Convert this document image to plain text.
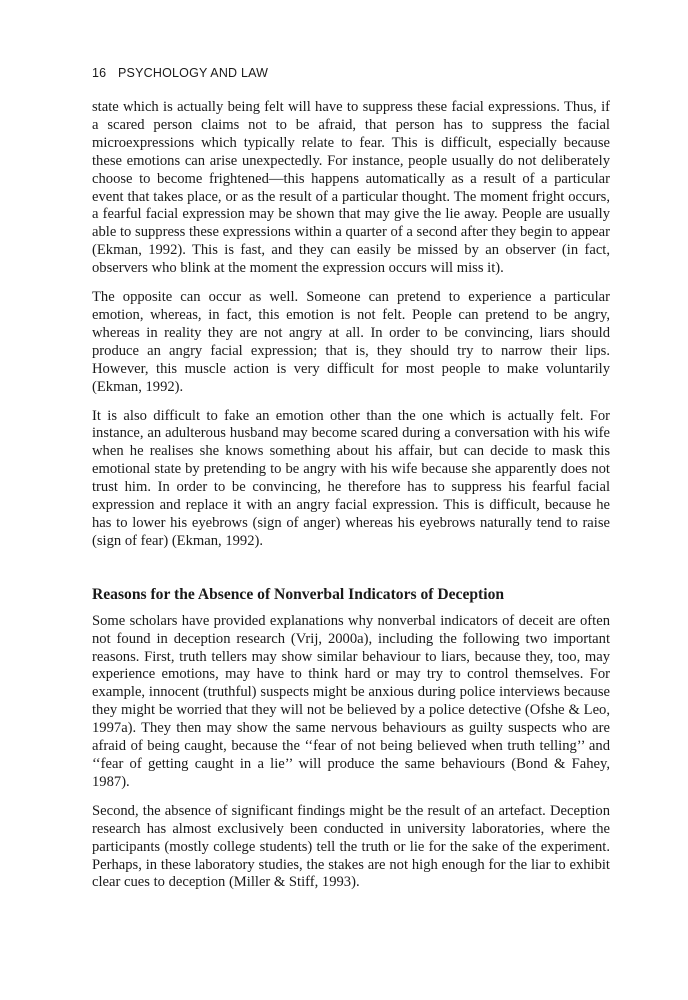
16 PSYCHOLOGY AND LAW

state which is actually being felt will have to suppress these facial expressions. Thus, if a scared person claims not to be afraid, that person has to suppress the facial microexpressions which typically relate to fear. This is difficult, especially because these emotions can arise unexpectedly. For instance, people usually do not deliberately choose to become frightened—this happens automatically as a result of a particular event that takes place, or as the result of a particular thought. The moment fright occurs, a fearful facial expression may be shown that may give the lie away. People are usually able to suppress these expressions within a quarter of a second after they begin to appear (Ekman, 1992). This is fast, and they can easily be missed by an observer (in fact, observers who blink at the moment the expression occurs will miss it).

The opposite can occur as well. Someone can pretend to experience a particular emotion, whereas, in fact, this emotion is not felt. People can pretend to be angry, whereas in reality they are not angry at all. In order to be convincing, liars should produce an angry facial expression; that is, they should try to narrow their lips. However, this muscle action is very difficult for most people to make voluntarily (Ekman, 1992).

It is also difficult to fake an emotion other than the one which is actually felt. For instance, an adulterous husband may become scared during a conversation with his wife when he realises she knows something about his affair, but can decide to mask this emotional state by pretending to be angry with his wife because she apparently does not trust him. In order to be convincing, he therefore has to suppress his fearful facial expression and replace it with an angry facial expression. This is difficult, because he has to lower his eyebrows (sign of anger) whereas his eyebrows naturally tend to raise (sign of fear) (Ekman, 1992).

Reasons for the Absence of Nonverbal Indicators of Deception

Some scholars have provided explanations why nonverbal indicators of deceit are often not found in deception research (Vrij, 2000a), including the following two important reasons. First, truth tellers may show similar behaviour to liars, because they, too, may experience emotions, may have to think hard or may try to control themselves. For example, innocent (truthful) suspects might be anxious during police interviews because they might be worried that they will not be believed by a police detective (Ofshe & Leo, 1997a). They then may show the same nervous behaviours as guilty suspects who are afraid of being caught, because the ‘‘fear of not being believed when truth telling’’ and ‘‘fear of getting caught in a lie’’ will produce the same behaviours (Bond & Fahey, 1987).

Second, the absence of significant findings might be the result of an artefact. Deception research has almost exclusively been conducted in university laboratories, where the participants (mostly college students) tell the truth or lie for the sake of the experiment. Perhaps, in these laboratory studies, the stakes are not high enough for the liar to exhibit clear cues to deception (Miller & Stiff, 1993).
